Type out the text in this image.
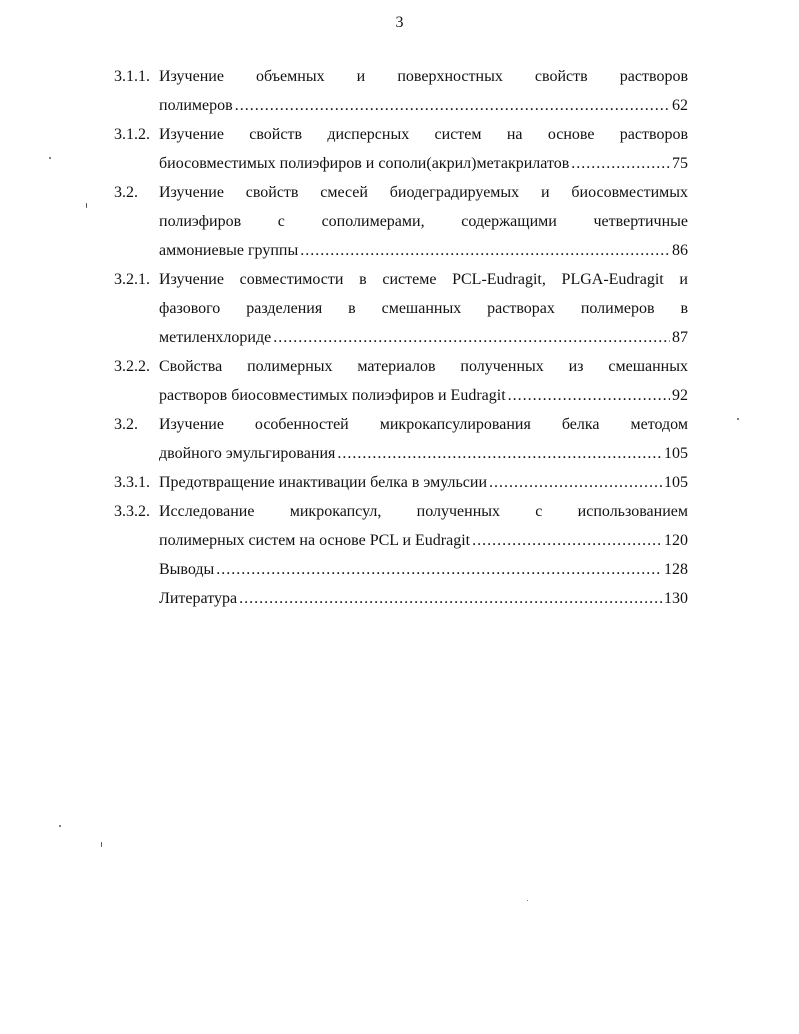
3
3.1.1. Изучение объемных и поверхностных свойств растворов
полимеров .....	62
3.1.2. Изучение свойств дисперсных систем на основе растворов
биосовместимых полиэфиров и сополи(акрил)метакрилатов .....	75
3.2.	Изучение свойств смесей биодеградируемых и биосовместимых
полиэфиров с сополимерами, содержащими четвертичные
аммониевые группы .....	86
3.2.1. Изучение совместимости в системе PCL-Eudragit, PLGA-Eudragit и
фазового разделения в смешанных растворах полимеров в
метиленхлориде .....	87
3.2.2. Свойства полимерных материалов полученных из смешанных
растворов биосовместимых полиэфиров и Eudragit .....	92
3.2.	Изучение особенностей микрокапсулирования белка методом
двойного эмульгирования .....	105
3.3.1. Предотвращение инактивации белка в эмульсии .....	105
3.3.2. Исследование микрокапсул, полученных с использованием
полимерных систем на основе PCL и Eudragit .....	120
Выводы .....	128
Литература .....	130
